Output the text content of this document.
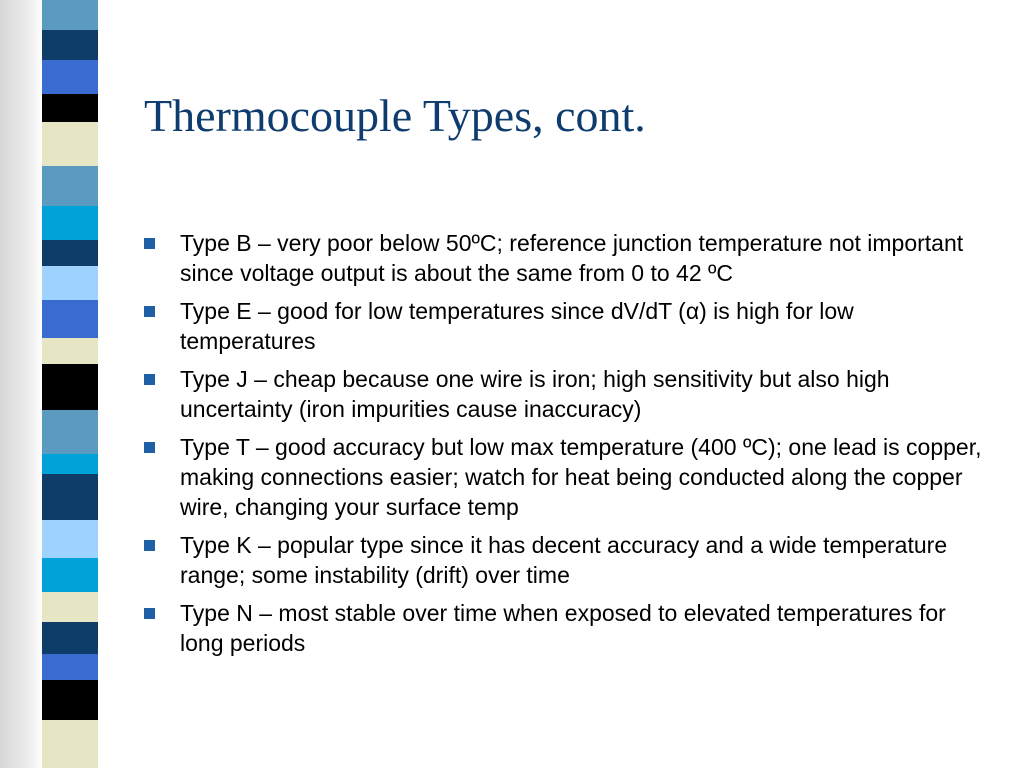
Thermocouple Types, cont.
Type B – very poor below 50ºC; reference junction temperature not important since voltage output is about the same from 0 to 42 ºC
Type E – good for low temperatures since dV/dT (α) is high for low temperatures
Type J – cheap because one wire is iron; high sensitivity but also high uncertainty (iron impurities cause inaccuracy)
Type T – good accuracy but low max temperature (400 ºC); one lead is copper, making connections easier; watch for heat being conducted along the copper wire, changing your surface temp
Type K – popular type since it has decent accuracy and a wide temperature range; some instability (drift) over time
Type N – most stable over time when exposed to elevated temperatures for long periods
